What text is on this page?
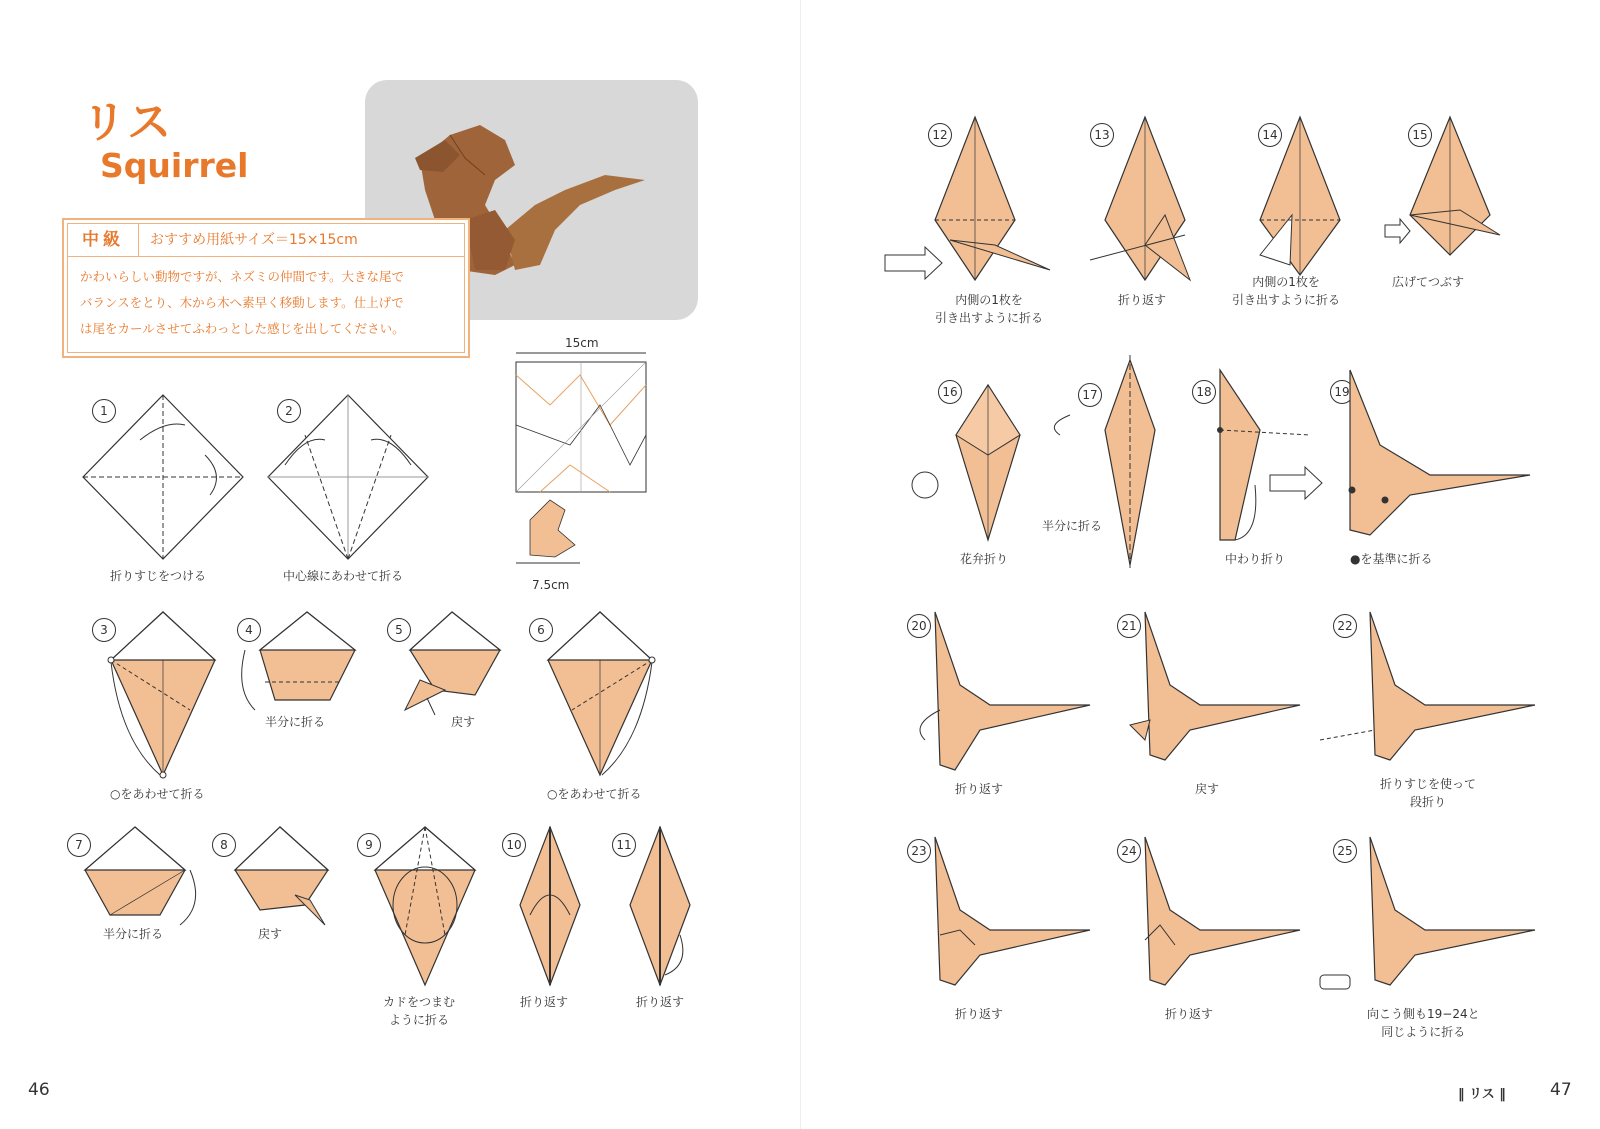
リス
Squirrel
中級	おすすめ用紙サイズ＝15×15cm
かわいらしい動物ですが、ネズミの仲間です。大きな尾で
バランスをとり、木から木へ素早く移動します。仕上げで
は尾をカールさせてふわっとした感じを出してください。
15cm
7.5cm
1
折りすじをつける
2
中心線にあわせて折る
3
○をあわせて折る
4
半分に折る
5
戻す
6
○をあわせて折る
7
半分に折る
8
戻す
9
カドをつまむ
ように折る
10
折り返す
11
折り返す
12
内側の1枚を
引き出すように折る
13
折り返す
14
内側の1枚を
引き出すように折る
15
広げてつぶす
16
花弁折り
17
半分に折る
18
中わり折り
19
●を基準に折る
20
折り返す
21
戻す
22
折りすじを使って
段折り
23
折り返す
24
折り返す
25
向こう側も19−24と
同じように折る
46	‖ リス ‖	47
